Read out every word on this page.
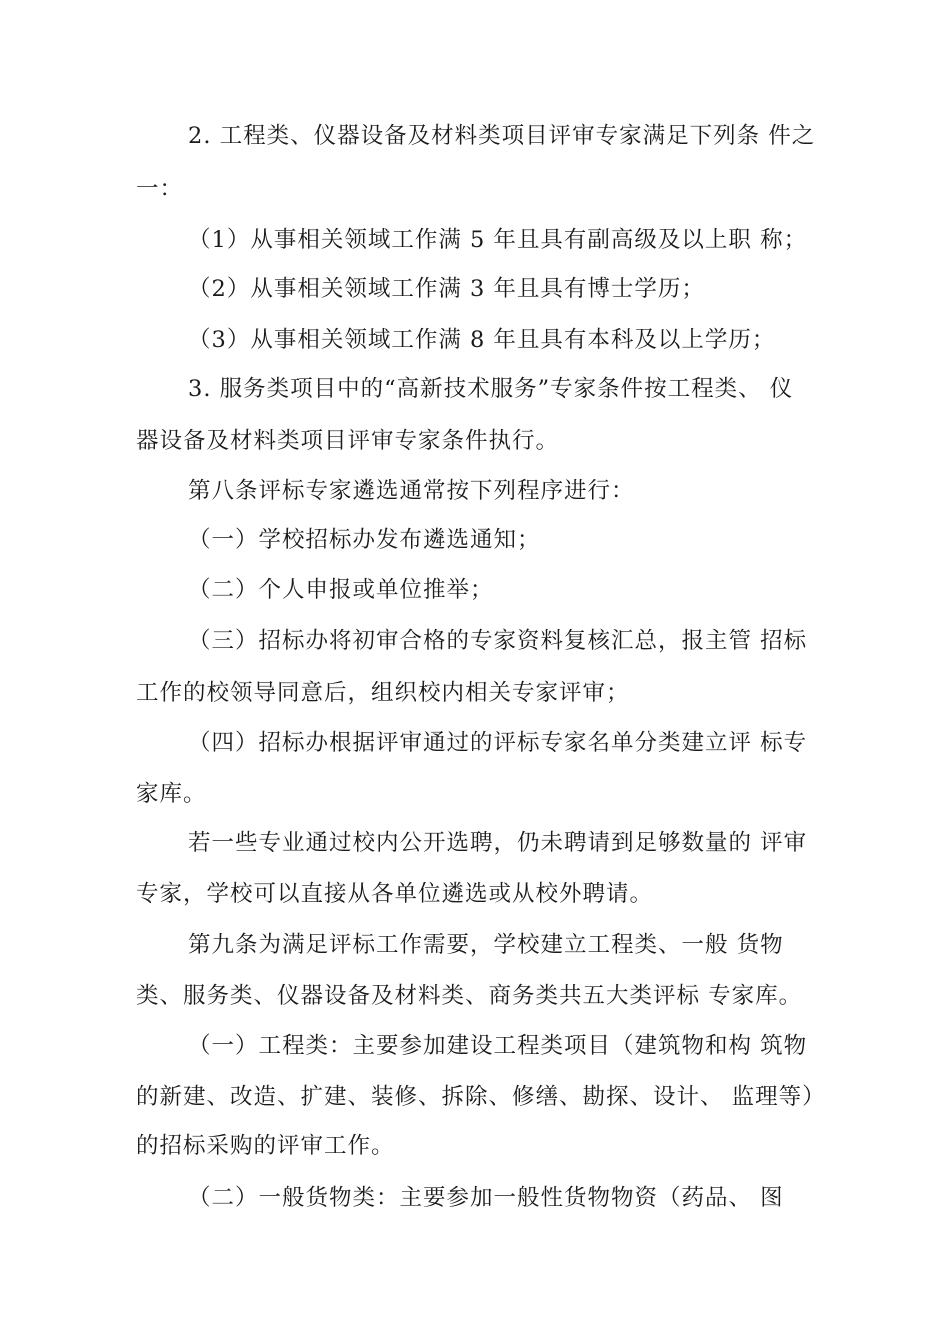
2. 工程类、仪器设备及材料类项目评审专家满足下列条 件之
一：
（1）从事相关领域工作满 5 年且具有副高级及以上职 称；
（2）从事相关领域工作满 3 年且具有博士学历；
（3）从事相关领域工作满 8 年且具有本科及以上学历；
3. 服务类项目中的“高新技术服务”专家条件按工程类、 仪
器设备及材料类项目评审专家条件执行。
第八条评标专家遴选通常按下列程序进行：
（一）学校招标办发布遴选通知；
（二）个人申报或单位推举；
（三）招标办将初审合格的专家资料复核汇总，报主管 招标
工作的校领导同意后，组织校内相关专家评审；
（四）招标办根据评审通过的评标专家名单分类建立评 标专
家库。
若一些专业通过校内公开选聘，仍未聘请到足够数量的 评审
专家，学校可以直接从各单位遴选或从校外聘请。
第九条为满足评标工作需要，学校建立工程类、一般 货物
类、服务类、仪器设备及材料类、商务类共五大类评标 专家库。
（一）工程类：主要参加建设工程类项目（建筑物和构 筑物
的新建、改造、扩建、装修、拆除、修缮、勘探、设计、 监理等）
的招标采购的评审工作。
（二）一般货物类：主要参加一般性货物物资（药品、 图
